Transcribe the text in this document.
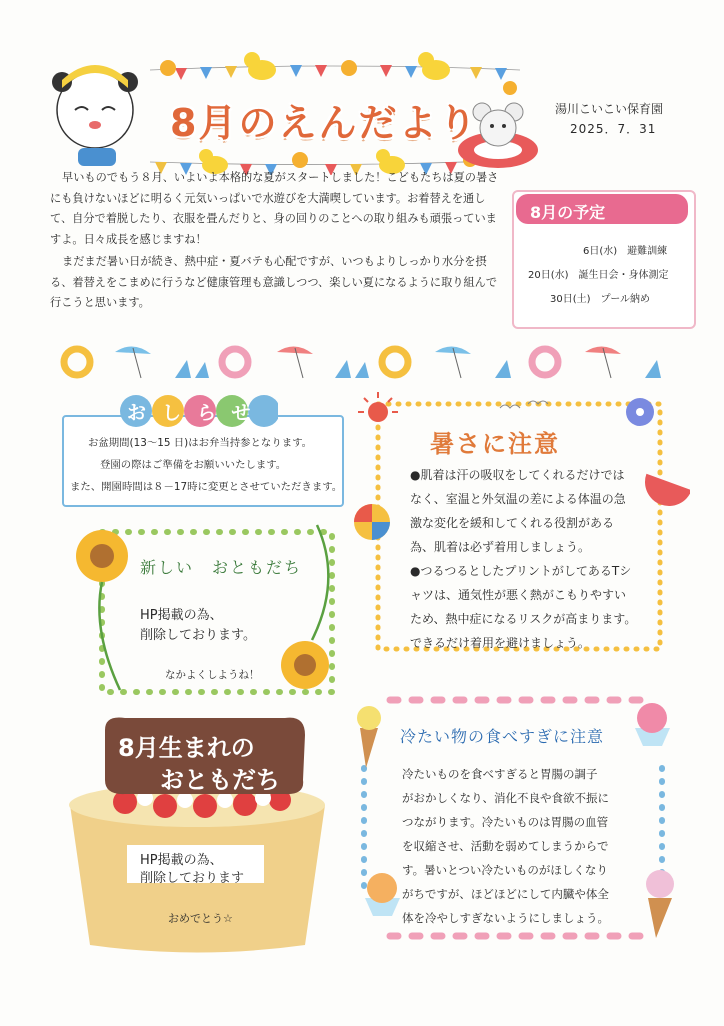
8月のえんだより	湯川こいこい保育園
2025．7．31
早いものでもう８月、いよいよ本格的な夏がスタートしました！こどもたちは夏の暑さにも負けないほどに明るく元気いっぱいで水遊びを大満喫しています。お着替えを通して、自分で着脱したり、衣服を畳んだりと、身の回りのことへの取り組みも頑張っていますよ。日々成長を感じますね！
まだまだ暑い日が続き、熱中症・夏バテも心配ですが、いつもよりしっかり水分を摂る、着替えをこまめに行うなど健康管理も意識しつつ、楽しい夏になるように取り組んで行こうと思います。
8月の予定
6日(水)　避難訓練
20日(水)　誕生日会・身体測定
30日(土)　プール納め
おしらせ
お盆期間(13～15 日)はお弁当持参となります。
登園の際はご準備をお願いいたします。
また、開園時間は８－17時に変更とさせていただきます。
暑さに注意
●肌着は汗の吸収をしてくれるだけでは
なく、室温と外気温の差による体温の急
激な変化を緩和してくれる役割がある
為、肌着は必ず着用しましょう。
●つるつるとしたプリントがしてあるTシ
ャツは、通気性が悪く熱がこもりやすい
ため、熱中症になるリスクが高まります。
できるだけ着用を避けましょう。
新しい　おともだち
HP掲載の為、
削除しております。
なかよくしようね！
8月生まれの
おともだち
HP掲載の為、
削除しております
おめでとう☆
冷たい物の食べすぎに注意
冷たいものを食べすぎると胃腸の調子
がおかしくなり、消化不良や食欲不振に
つながります。冷たいものは胃腸の血管
を収縮させ、活動を弱めてしまうからで
す。暑いとつい冷たいものがほしくなり
がちですが、ほどほどにして内臓や体全
体を冷やしすぎないようにしましょう。
